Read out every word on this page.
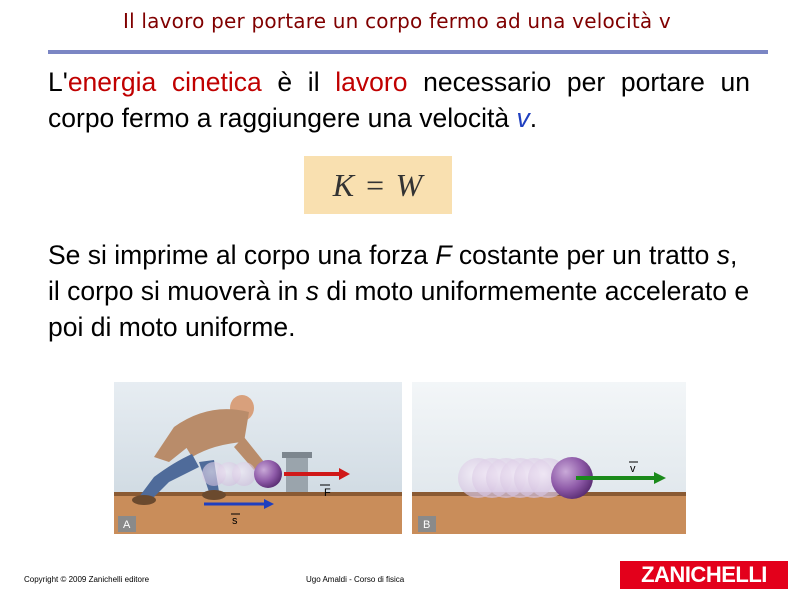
Il lavoro per portare un corpo fermo ad una velocità v
L'energia cinetica è il lavoro necessario per portare un corpo fermo a raggiungere una velocità v.
K = W
Se si imprime al corpo una forza F costante per un tratto s, il corpo si muoverà in s di moto uniformemente accelerato e poi di moto uniforme.
F
s
A
v
B
Copyright © 2009 Zanichelli editore	Ugo Amaldi - Corso di fisica	ZANICHELLI
